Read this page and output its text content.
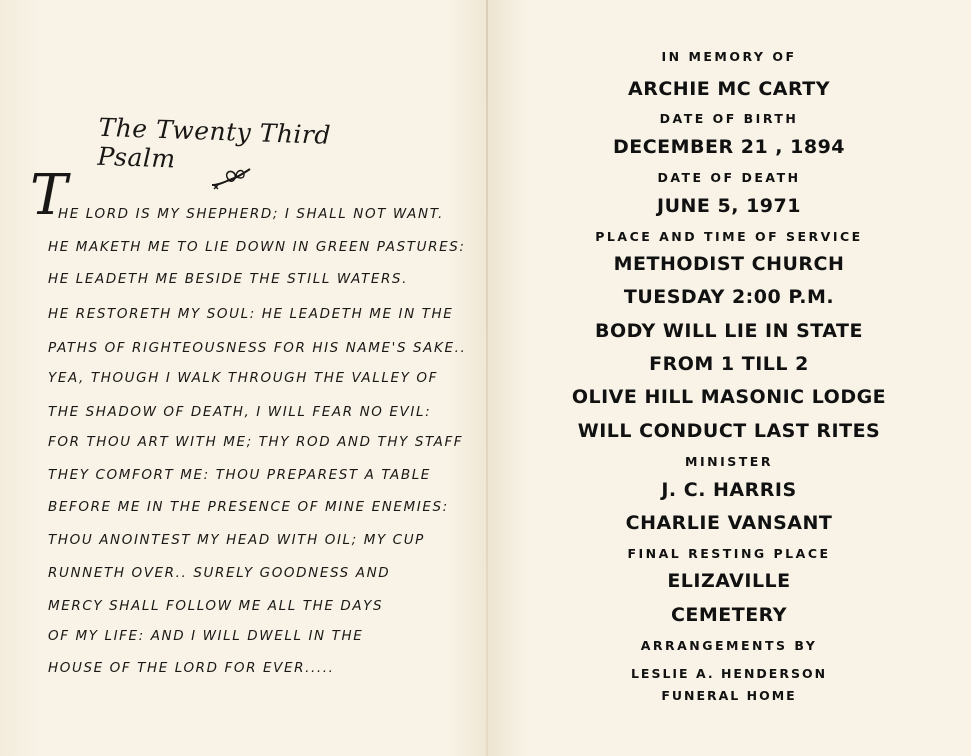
The Twenty Third Psalm
T
HE LORD IS MY SHEPHERD; I SHALL NOT WANT.
HE MAKETH ME TO LIE DOWN IN GREEN PASTURES:
HE LEADETH ME BESIDE THE STILL WATERS.
HE RESTORETH MY SOUL: HE LEADETH ME IN THE
PATHS OF RIGHTEOUSNESS FOR HIS NAME'S SAKE..
YEA, THOUGH I WALK THROUGH THE VALLEY OF
THE SHADOW OF DEATH, I WILL FEAR NO EVIL:
FOR THOU ART WITH ME; THY ROD AND THY STAFF
THEY COMFORT ME: THOU PREPAREST A TABLE
BEFORE ME IN THE PRESENCE OF MINE ENEMIES:
THOU ANOINTEST MY HEAD WITH OIL; MY CUP
RUNNETH OVER.. SURELY GOODNESS AND
MERCY SHALL FOLLOW ME ALL THE DAYS
OF MY LIFE: AND I WILL DWELL IN THE
HOUSE OF THE LORD FOR EVER.....
IN MEMORY OF
ARCHIE MC CARTY
DATE OF BIRTH
DECEMBER 21 , 1894
DATE OF DEATH
JUNE 5, 1971
PLACE AND TIME OF SERVICE
METHODIST CHURCH
TUESDAY 2:00 P.M.
BODY WILL LIE IN STATE
FROM 1 TILL 2
OLIVE HILL MASONIC LODGE
WILL CONDUCT LAST RITES
MINISTER
J. C. HARRIS
CHARLIE VANSANT
FINAL RESTING PLACE
ELIZAVILLE
CEMETERY
ARRANGEMENTS BY
LESLIE A. HENDERSON
FUNERAL HOME
